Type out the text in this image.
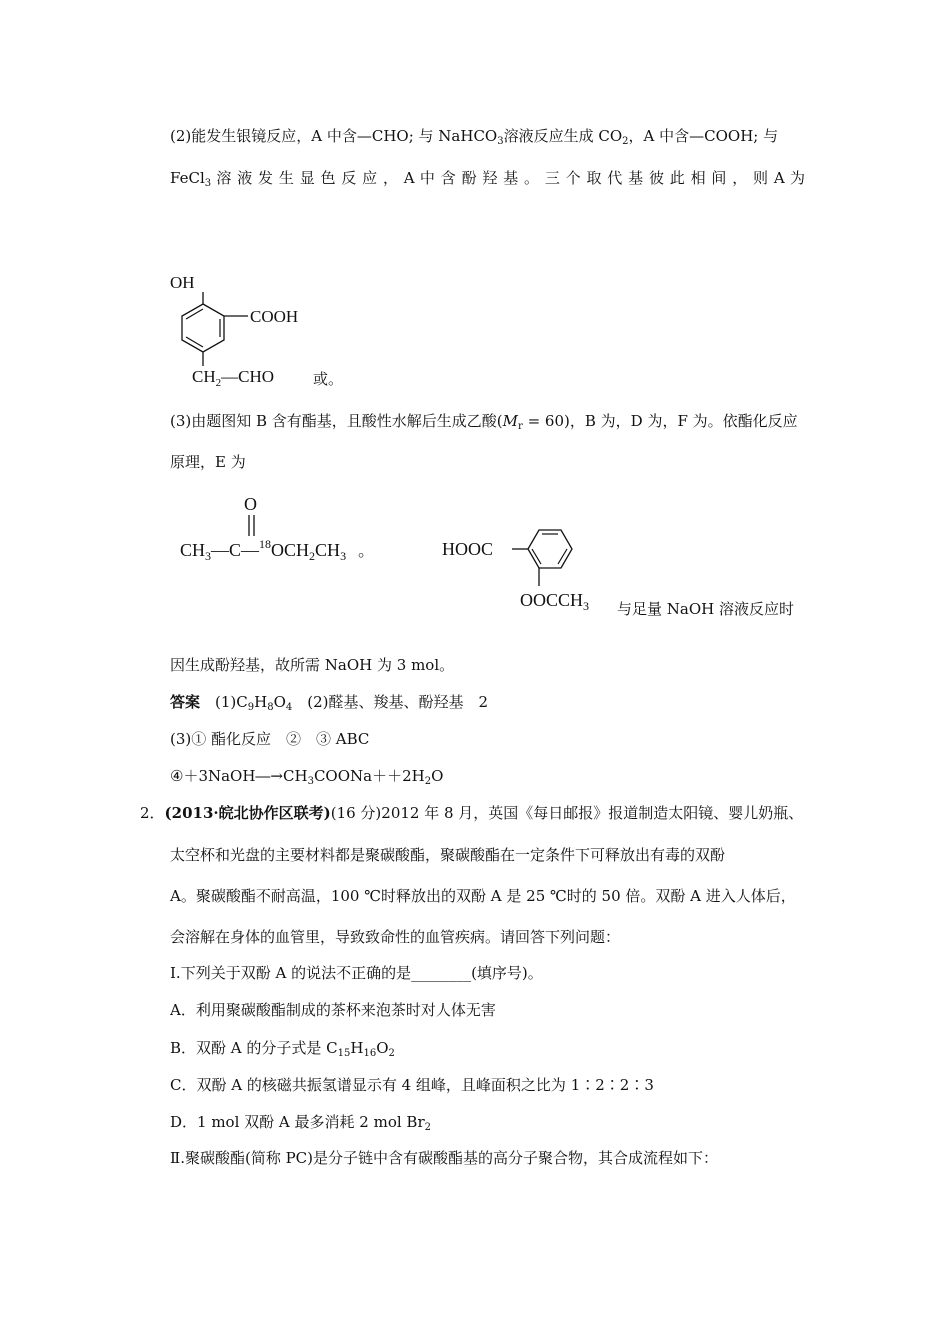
(2)能发生银镜反应，A 中含—CHO; 与 NaHCO$_3$溶液反应生成 $CO_2$，A 中含—COOH; 与
FeCl$_3$ 溶 液 发 生 显 色 反 应 ， A 中 含 酚 羟 基 。 三 个 取 代 基 彼 此 相 间 ， 则 A 为
OH
COOH
$CH_2—CHO$	或。
(3)由题图知 B 含有酯基，且酸性水解后生成乙酸$(M_r = 60)$，B 为，D 为，F 为。依酯化反应
原理，E 为
O
$CH_3—C—^{18}OCH_2CH_3$ 。	HOOC
$OOCCH_3$ 与足量 NaOH 溶液反应时
因生成酚羟基，故所需 NaOH 为 3 mol。
答案　$(1)C_9H_8O_4$　(2)醛基、羧基、酚羟基　2
(3)① 酯化反应　②　③ ABC
$④+3NaOH―\to CH_3COONa++2H_2O$
2．(2013·皖北协作区联考)(16 分)2012 年 8 月，英国《每日邮报》报道制造太阳镜、婴儿奶瓶、
太空杯和光盘的主要材料都是聚碳酸酯，聚碳酸酯在一定条件下可释放出有毒的双酚
A。聚碳酸酯不耐高温，100 ℃时释放出的双酚 A 是 25 ℃时的 50 倍。双酚 A 进入人体后，
会溶解在身体的血管里，导致致命性的血管疾病。请回答下列问题：
Ⅰ.下列关于双酚 A 的说法不正确的是________(填序号)。
A．利用聚碳酸酯制成的茶杯来泡茶时对人体无害
B．双酚 A 的分子式是 $C_{15}H_{16}O_2$
C．双酚 A 的核磁共振氢谱显示有 4 组峰，且峰面积之比为 1∶2∶2∶3
D．1 mol 双酚 A 最多消耗 2 mol $Br_2$
Ⅱ.聚碳酸酯(简称 PC)是分子链中含有碳酸酯基的高分子聚合物，其合成流程如下：
